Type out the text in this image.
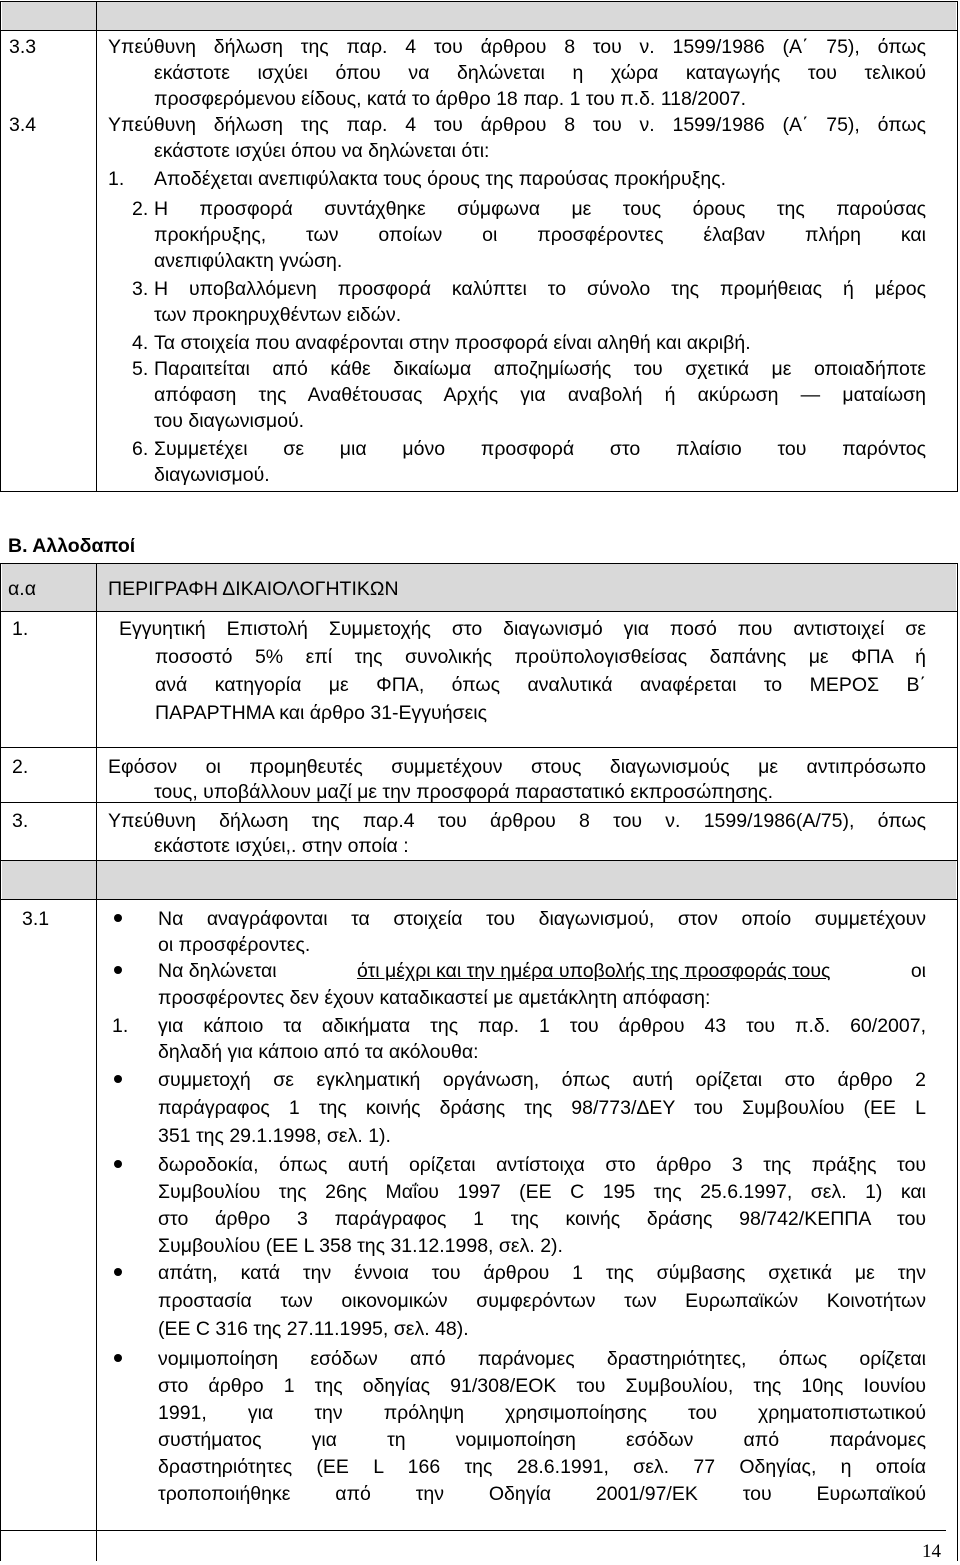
3.3	Υπεύθυνη δήλωση της παρ. 4 του άρθρου 8 του ν. 1599/1986 (Α΄ 75), όπως
εκάστοτε ισχύει όπου να δηλώνεται η χώρα καταγωγής του τελικού
προσφερόμενου είδους, κατά το άρθρο 18 παρ. 1 του π.δ. 118/2007.
3.4	Υπεύθυνη δήλωση της παρ. 4 του άρθρου 8 του ν. 1599/1986 (Α΄ 75), όπως
εκάστοτε ισχύει όπου να δηλώνεται ότι:
1. Αποδέχεται ανεπιφύλακτα τους όρους της παρούσας προκήρυξης.
2. Η προσφορά συντάχθηκε σύμφωνα με τους όρους της παρούσας
προκήρυξης, των οποίων οι προσφέροντες έλαβαν πλήρη και
ανεπιφύλακτη γνώση.
3. Η υποβαλλόμενη προσφορά καλύπτει το σύνολο της προμήθειας ή μέρος
των προκηρυχθέντων ειδών.
4. Τα στοιχεία που αναφέρονται στην προσφορά είναι αληθή και ακριβή.
5. Παραιτείται από κάθε δικαίωμα αποζημίωσής του σχετικά με οποιαδήποτε
απόφαση της Αναθέτουσας Αρχής για αναβολή ή ακύρωση — ματαίωση
του διαγωνισμού.
6. Συμμετέχει σε μια μόνο προσφορά στο πλαίσιο του παρόντος
διαγωνισμού.
Β. Αλλοδαποί
α.α	ΠΕΡΙΓΡΑΦΗ ΔΙΚΑΙΟΛΟΓΗΤΙΚΩΝ
1.	Εγγυητική Επιστολή Συμμετοχής στο διαγωνισμό για ποσό που αντιστοιχεί σε
ποσοστό 5% επί της συνολικής προϋπολογισθείσας δαπάνης με ΦΠΑ ή
ανά κατηγορία με ΦΠΑ, όπως αναλυτικά αναφέρεται το ΜΕΡΟΣ Β΄
ΠΑΡΑΡΤΗΜΑ και άρθρο 31-Εγγυήσεις
2.	Εφόσον οι προμηθευτές συμμετέχουν στους διαγωνισμούς με αντιπρόσωπο
τους, υποβάλλουν μαζί με την προσφορά παραστατικό εκπροσώπησης.
3.	Υπεύθυνη δήλωση της παρ.4 του άρθρου 8 του ν. 1599/1986(Α/75), όπως
εκάστοτε ισχύει,. στην οποία :
3.1	Να αναγράφονται τα στοιχεία του διαγωνισμού, στον οποίο συμμετέχουν
οι προσφέροντες.
Να δηλώνεται	ότι μέχρι και την ημέρα υποβολής της προσφοράς τους	οι
προσφέροντες δεν έχουν καταδικαστεί με αμετάκλητη απόφαση:
1. για κάποιο τα αδικήματα της παρ. 1 του άρθρου 43 του π.δ. 60/2007,
δηλαδή για κάποιο από τα ακόλουθα:
συμμετοχή σε εγκληματική οργάνωση, όπως αυτή ορίζεται στο άρθρο 2
παράγραφος 1 της κοινής δράσης της 98/773/ΔΕΥ του Συμβουλίου (ΕΕ L
351 της 29.1.1998, σελ. 1).
δωροδοκία, όπως αυτή ορίζεται αντίστοιχα στο άρθρο 3 της πράξης του
Συμβουλίου της 26ης Μαΐου 1997 (ΕΕ C 195 της 25.6.1997, σελ. 1) και
στο άρθρο 3 παράγραφος 1 της κοινής δράσης 98/742/ΚΕΠΠΑ του
Συμβουλίου (ΕΕ L 358 της 31.12.1998, σελ. 2).
απάτη, κατά την έννοια του άρθρου 1 της σύμβασης σχετικά με την
προστασία των οικονομικών συμφερόντων των Ευρωπαϊκών Κοινοτήτων
(ΕΕ C 316 της 27.11.1995, σελ. 48).
νομιμοποίηση εσόδων από παράνομες δραστηριότητες, όπως ορίζεται
στο άρθρο 1 της οδηγίας 91/308/ΕΟΚ του Συμβουλίου, της 10ης Ιουνίου
1991, για την πρόληψη χρησιμοποίησης του χρηματοπιστωτικού
συστήματος για τη νομιμοποίηση εσόδων από παράνομες
δραστηριότητες (ΕΕ L 166 της 28.6.1991, σελ. 77 Οδηγίας, η οποία
τροποποιήθηκε από την Οδηγία 2001/97/ΕΚ του Ευρωπαϊκού
14
